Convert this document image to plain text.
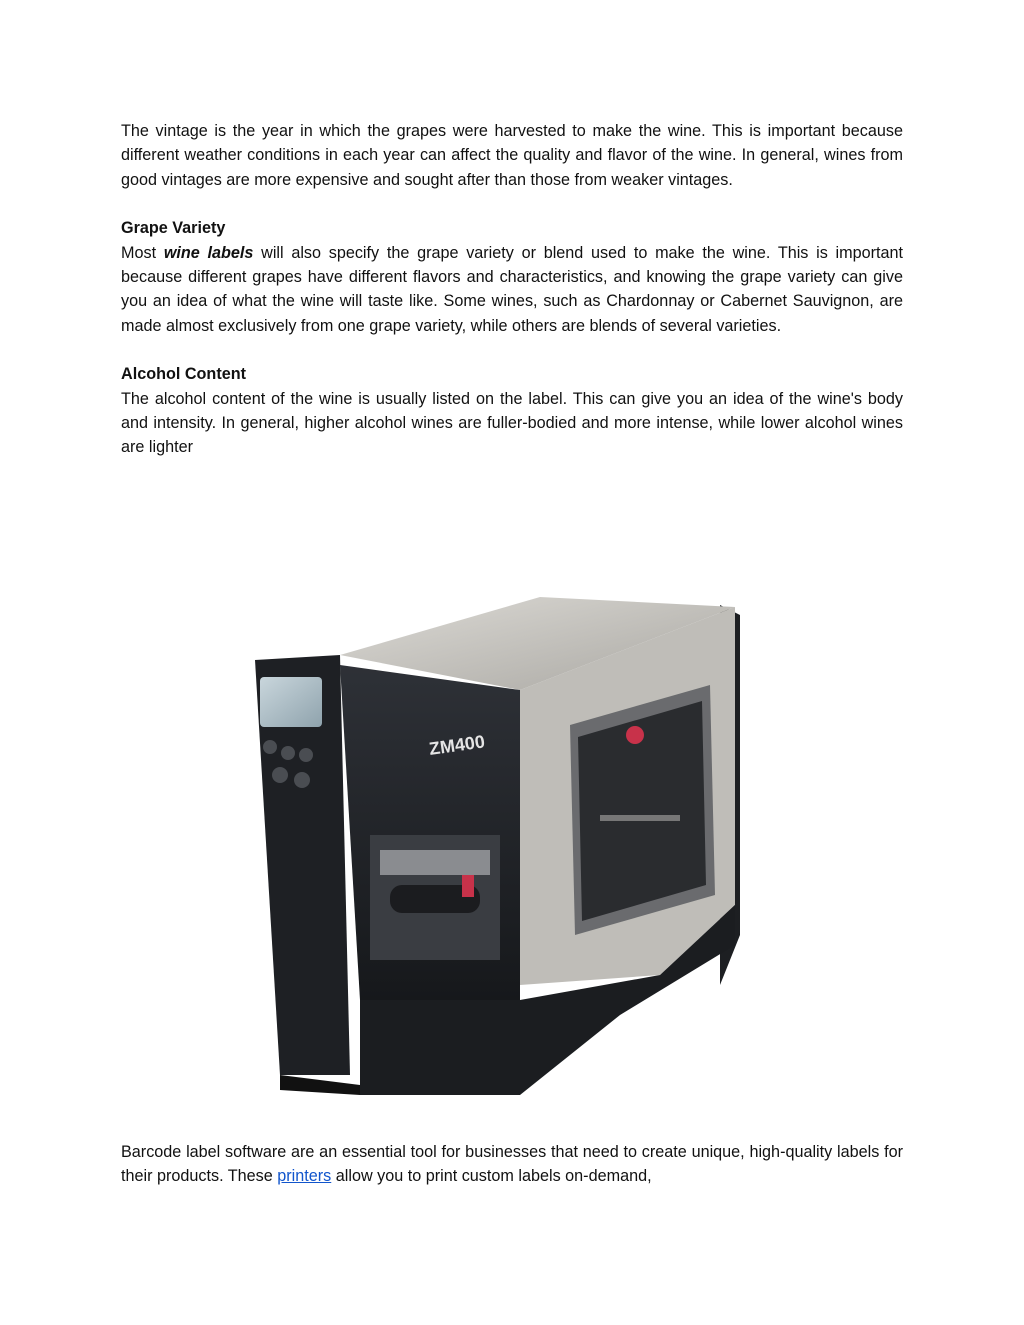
The vintage is the year in which the grapes were harvested to make the wine. This is important because different weather conditions in each year can affect the quality and flavor of the wine. In general, wines from good vintages are more expensive and sought after than those from weaker vintages.

Grape Variety

Most wine labels will also specify the grape variety or blend used to make the wine. This is important because different grapes have different flavors and characteristics, and knowing the grape variety can give you an idea of what the wine will taste like. Some wines, such as Chardonnay or Cabernet Sauvignon, are made almost exclusively from one grape variety, while others are blends of several varieties.

Alcohol Content

The alcohol content of the wine is usually listed on the label. This can give you an idea of the wine's body and intensity. In general, higher alcohol wines are fuller-bodied and more intense, while lower alcohol wines are lighter

ZM400

Barcode label software are an essential tool for businesses that need to create unique, high-quality labels for their products. These printers allow you to print custom labels on-demand,
